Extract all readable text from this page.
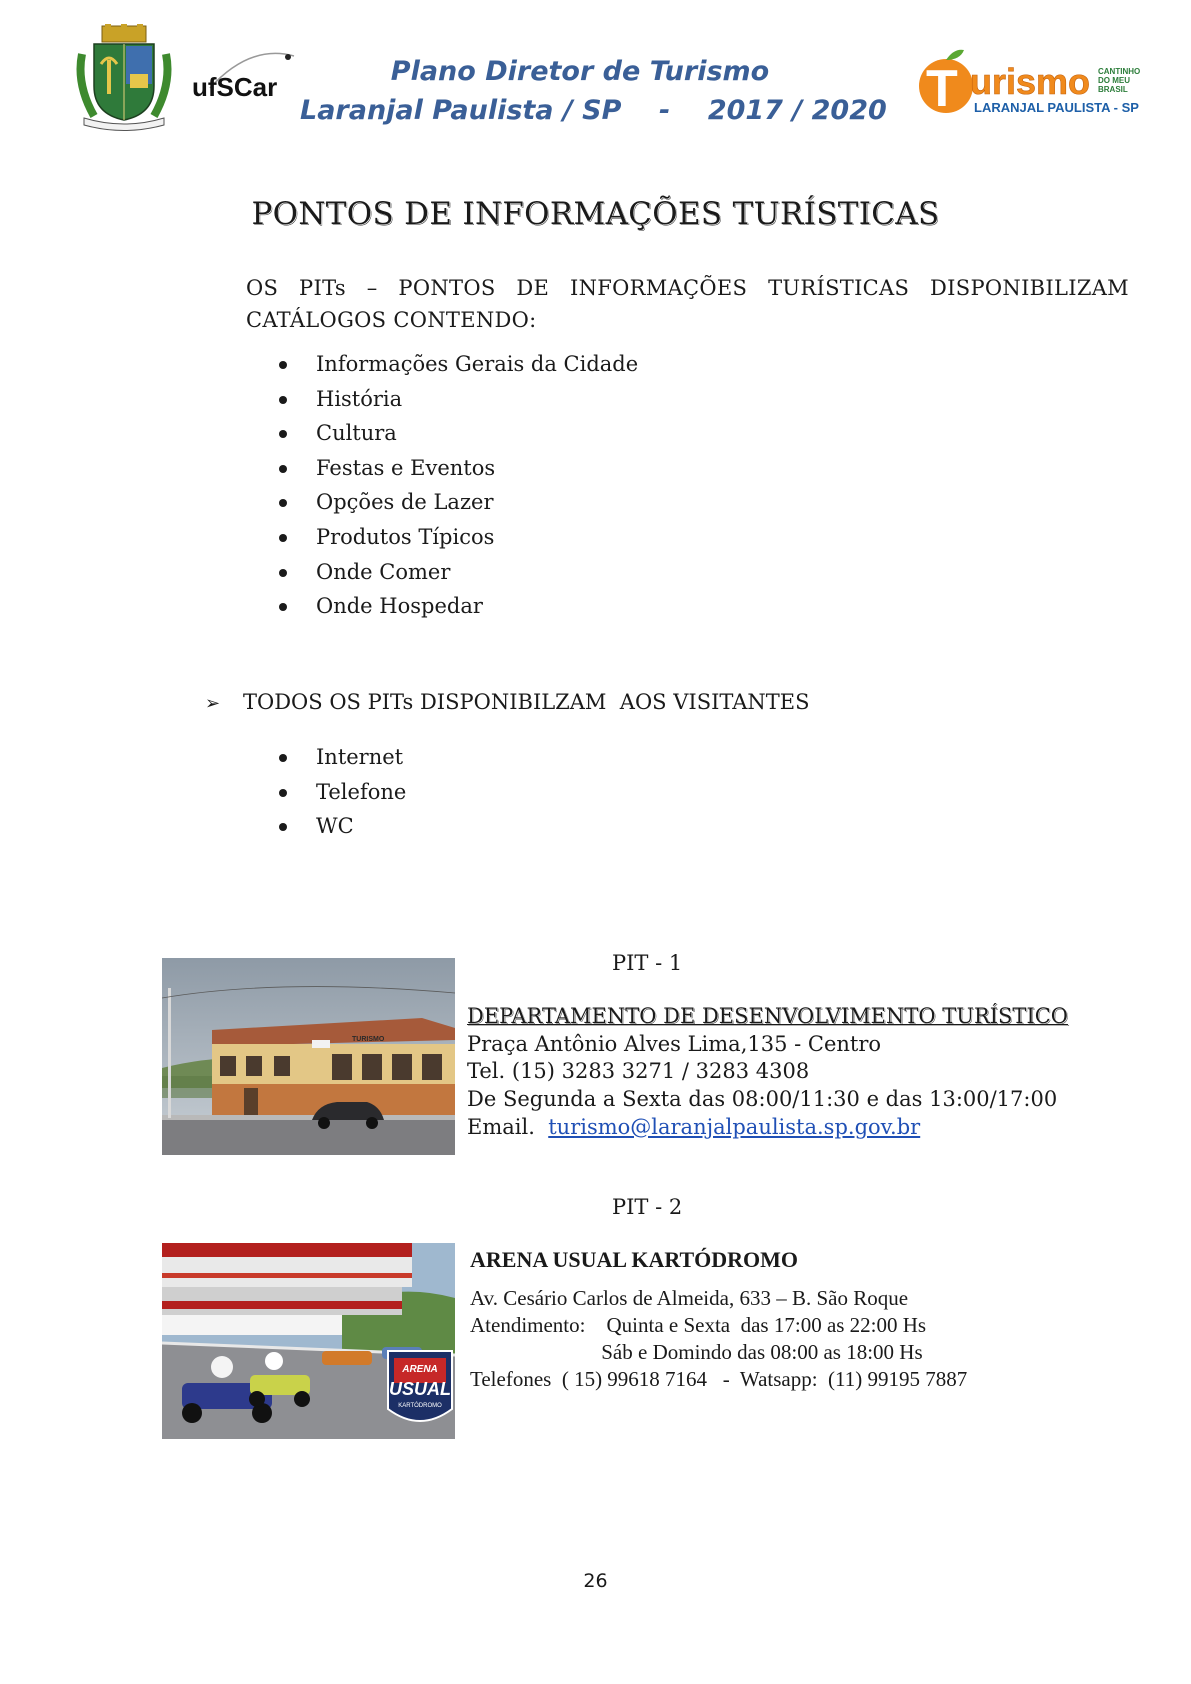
ufSCar	Plano Diretor de Turismo
Laranjal Paulista / SP    -    2017 / 2020 T urismo CANTINHO
DO MEU
BRASIL
LARANJAL PAULISTA - SP
PONTOS DE INFORMAÇÕES TURÍSTICAS
OS PITs – PONTOS DE INFORMAÇÕES TURÍSTICAS DISPONIBILIZAM CATÁLOGOS CONTENDO:
Informações Gerais da Cidade
História
Cultura
Festas e Eventos
Opções de Lazer
Produtos Típicos
Onde Comer
Onde Hospedar
➢ TODOS OS PITs DISPONIBILZAM  AOS VISITANTES
Internet
Telefone
WC
PIT - 1
TURISMO
DEPARTAMENTO DE DESENVOLVIMENTO TURÍSTICO
Praça Antônio Alves Lima,135 - Centro
Tel. (15) 3283 3271 / 3283 4308
De Segunda a Sexta das 08:00/11:30 e das 13:00/17:00
Email.  turismo@laranjalpaulista.sp.gov.br
PIT - 2
ARENA
USUAL
KARTÓDROMO
ARENA USUAL KARTÓDROMO
Av. Cesário Carlos de Almeida, 633 – B. São Roque
Atendimento:    Quinta e Sexta  das 17:00 as 22:00 Hs
Sáb e Domindo das 08:00 as 18:00 Hs
Telefones  ( 15) 99618 7164   -  Watsapp:  (11) 99195 7887
26
